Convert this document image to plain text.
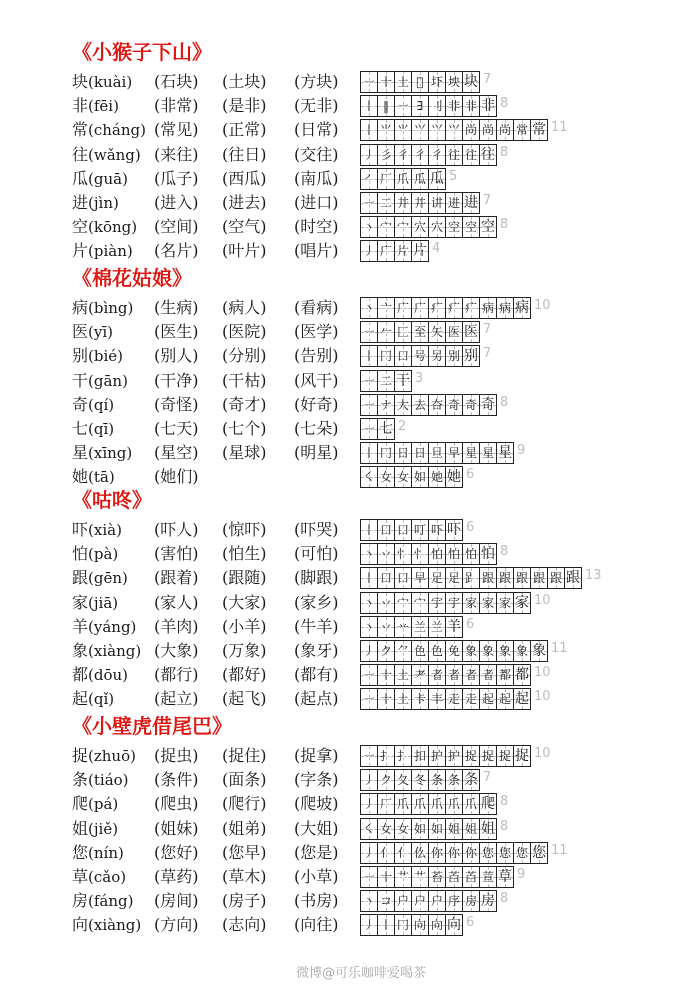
《小猴子下山》
块(kuài) (石块) (土块) (方块) ㇐ 十 土 𡉈 圷 坱 块 7
非(fēi) (非常) (是非) (无非) 丨 ‖ ㇐ ∃ 刂 非 非 非 8
常(cháng) (常见) (正常) (日常) 丨 ⺌ ⺌ ⺍ ⺍ ⺍ 尚 尚 尚 常 常 11
往(wǎng) (来往) (往日) (交往) 丿 彡 彳 彳 彳 往 往 往 8
瓜(guā) (瓜子) (西瓜) (南瓜) ㇒ 厂 爪 瓜 瓜 5
进(jìn) (进入) (进去) (进口) ㇐ 二 井 井 讲 进 进 7
空(kōng) (空间) (空气) (时空) 丶 宀 宀 穴 穴 空 空 空 8
片(piàn) (名片) (叶片) (唱片) 丿 广 片 片 4
《棉花姑娘》
病(bìng) (生病) (病人) (看病) 丶 亠 广 广 疒 疒 疒 病 病 病 10
医(yī)	(医生) (医院) (医学) ㇐ 𠂉 匚 至 矢 医 医 7
别(bié) (别人) (分别) (告别) 丨 冂 口 号 另 别 别 7
干(gān) (干净) (干枯) (风干) ㇐ 二 干 3
奇(qí) (奇怪) (奇才) (好奇) ㇐ ナ 大 去 夻 奇 奇 奇 8
七(qī) (七天) (七个) (七朵) ㇐ 七 2
星(xīng) (星空) (星球) (明星) 丨 冂 日 日 旦 早 星 星 星 9
她(tā) (她们)	㇛ 女 女 如 她 她 6
《咕咚》
吓(xià) (吓人) (惊吓) (吓哭) 丨 口 口 叮 吓 吓 6
怕(pà) (害怕) (怕生) (可怕) 丶 丷 忄 忄 怕 怕 怕 怕 8
跟(gēn) (跟着) (跟随) (脚跟) 丨 口 口 早 足 足 𧾷 跟 跟 跟 跟 跟 跟 13
家(jiā) (家人) (大家) (家乡) 丶 丷 宀 宀 宇 宇 家 家 家 家 10
羊(yáng) (羊肉) (小羊) (牛羊) 丶 丷 䒑 兰 兰 羊 6
象(xiàng) (大象) (万象) (象牙) 丿 ク ⺈ 色 色 免 象 象 象 象 象 11
都(dōu) (都行) (都好) (都有) ㇐ 十 土 耂 者 者 者 者 都 都 10
起(qǐ) (起立) (起飞) (起点) ㇐ 十 土 卡 丰 走 走 起 起 起 10
《小壁虎借尾巴》
捉(zhuō) (捉虫) (捉住) (捉拿) ㇐ 扌 扌 扣 护 护 捉 捉 捉 捉 10
条(tiáo) (条件) (面条) (字条) 丿 ク 夂 冬 条 条 条 7
爬(pá) (爬虫) (爬行) (爬坡) 丿 厂 爪 爪 爪 爪 爪 爬 8
姐(jiě) (姐妹) (姐弟) (大姐) ㇛ 女 女 如 如 姐 姐 姐 8
您(nín) (您好) (您早) (您是) 丿 亻 亻 仫 你 你 你 您 您 您 您 11
草(cǎo) (草药) (草木) (小草) ㇐ 十 艹 艹 苔 苩 苩 荁 草 9
房(fáng) (房间) (房子) (书房) 丶 コ 户 户 户 序 房 房 8
向(xiàng) (方向) (志向) (向往) 丿 丨 冂 向 向 向 6
微博@可乐咖啡爱喝茶
